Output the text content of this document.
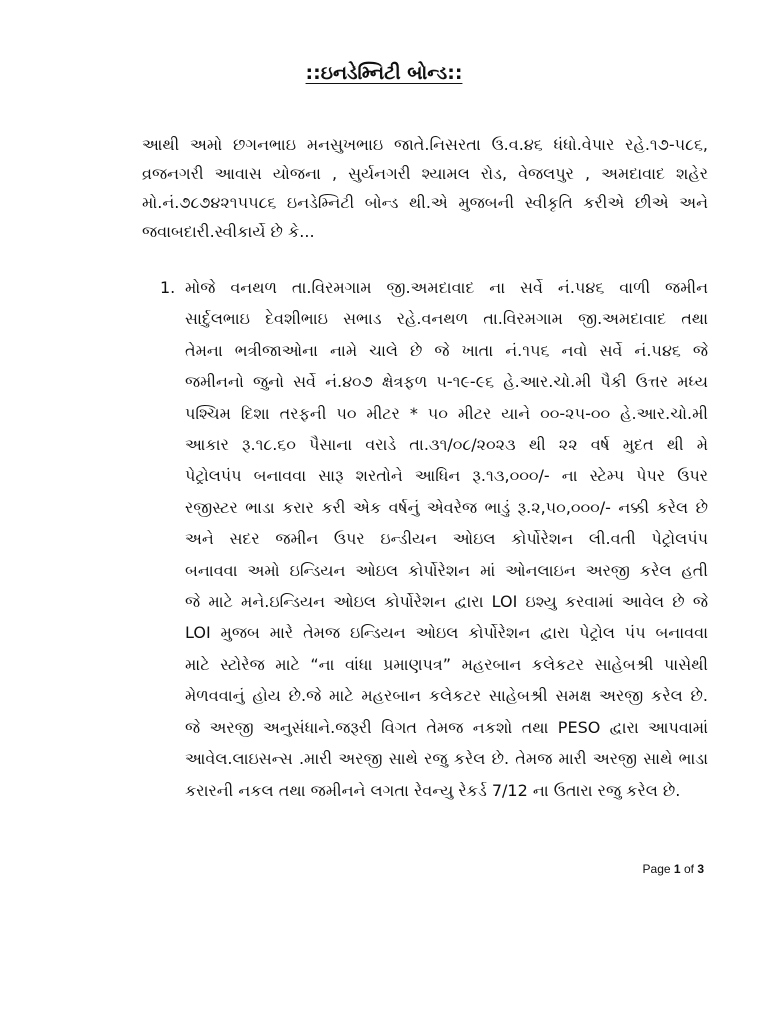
::ઇનડેમ્નિટી બોન્ડ::

આથી અમો છગનભાઇ મનસુખભાઇ જાતે.નિસરતા ઉ.વ.૪૬ ધંધો.વેપાર રહે.૧૭-૫૮૬, વ્રજનગરી આવાસ યોજના , સુર્યનગરી શ્યામલ રોડ, વેજલપુર , અમદાવાદ શહેર મો.નં.૭૮૭૪૨૧૫૫૮૬ ઇનડેમ્નિટી બોન્ડ થી.એ મુજબની સ્વીકૃતિ કરીએ છીએ અને જવાબદારી.સ્વીકાર્યે છે કે...

1. મોજે વનથળ તા.વિરમગામ જી.અમદાવાદ ના સર્વે નં.૫૪૬ વાળી જમીન
સાર્દુલભાઇ દેવશીભાઇ સભાડ રહે.વનથળ તા.વિરમગામ જી.અમદાવાદ તથા
તેમના ભત્રીજાઓના નામે ચાલે છે જે ખાતા નં.૧૫૬ નવો સર્વે નં.૫૪૬ જે
જમીનનો જુનો સર્વે નં.૪૦૭ ક્ષેત્રફળ ૫-૧૯-૯૬ હે.આર.ચો.મી પૈકી ઉત્તર મધ્ય
પશ્ચિમ દિશા તરફની ૫૦ મીટર * ૫૦ મીટર યાને ૦૦-૨૫-૦૦ હે.આર.ચો.મી
આકાર રૂ.૧૮.૬૦ પૈસાના વરાડે તા.૩૧/૦૮/૨૦૨૩ થી ૨૨ વર્ષ મુદત થી મે
પેટ્રોલપંપ બનાવવા સારૂ શરતોને આધિન રૂ.૧૩,૦૦૦/- ના સ્ટેમ્પ પેપર ઉપર
રજીસ્ટર ભાડા કરાર કરી એક વર્ષનું એવરેજ ભાડું રૂ.૨,૫૦,૦૦૦/- નક્કી કરેલ છે
અને સદર જમીન ઉપર ઇન્ડીયન ઓઇલ કોર્પોરેશન લી.વતી પેટ્રોલપંપ
બનાવવા અમો ઇન્ડિયન ઓઇલ કોર્પોરેશન માં ઓનલાઇન અરજી કરેલ હતી
જે માટે મને.ઇન્ડિયન ઓઇલ કોર્પોરેશન દ્વારા LOI ઇશ્યુ કરવામાં આવેલ છે જે
LOI મુજબ મારે તેમજ ઇન્ડિયન ઓઇલ કોર્પોરેશન દ્વારા પેટ્રોલ પંપ બનાવવા
માટે સ્ટોરેજ માટે “ના વાંધા પ્રમાણપત્ર” મહરબાન કલેકટર સાહેબશ્રી પાસેથી
મેળવવાનું હોય છે.જે માટે મહરબાન કલેકટર સાહેબશ્રી સમક્ષ અરજી કરેલ છે.
જે અરજી અનુસંધાને.જરૂરી વિગત તેમજ નકશો તથા PESO દ્વારા આપવામાં
આવેલ.લાઇસન્સ .મારી અરજી સાથે રજુ કરેલ છે. તેમજ મારી અરજી સાથે ભાડા
કરારની નકલ તથા જમીનને લગતા રેવન્યુ રેકર્ડ 7/12 ના ઉતારા રજુ કરેલ છે.
Page 1 of 3
